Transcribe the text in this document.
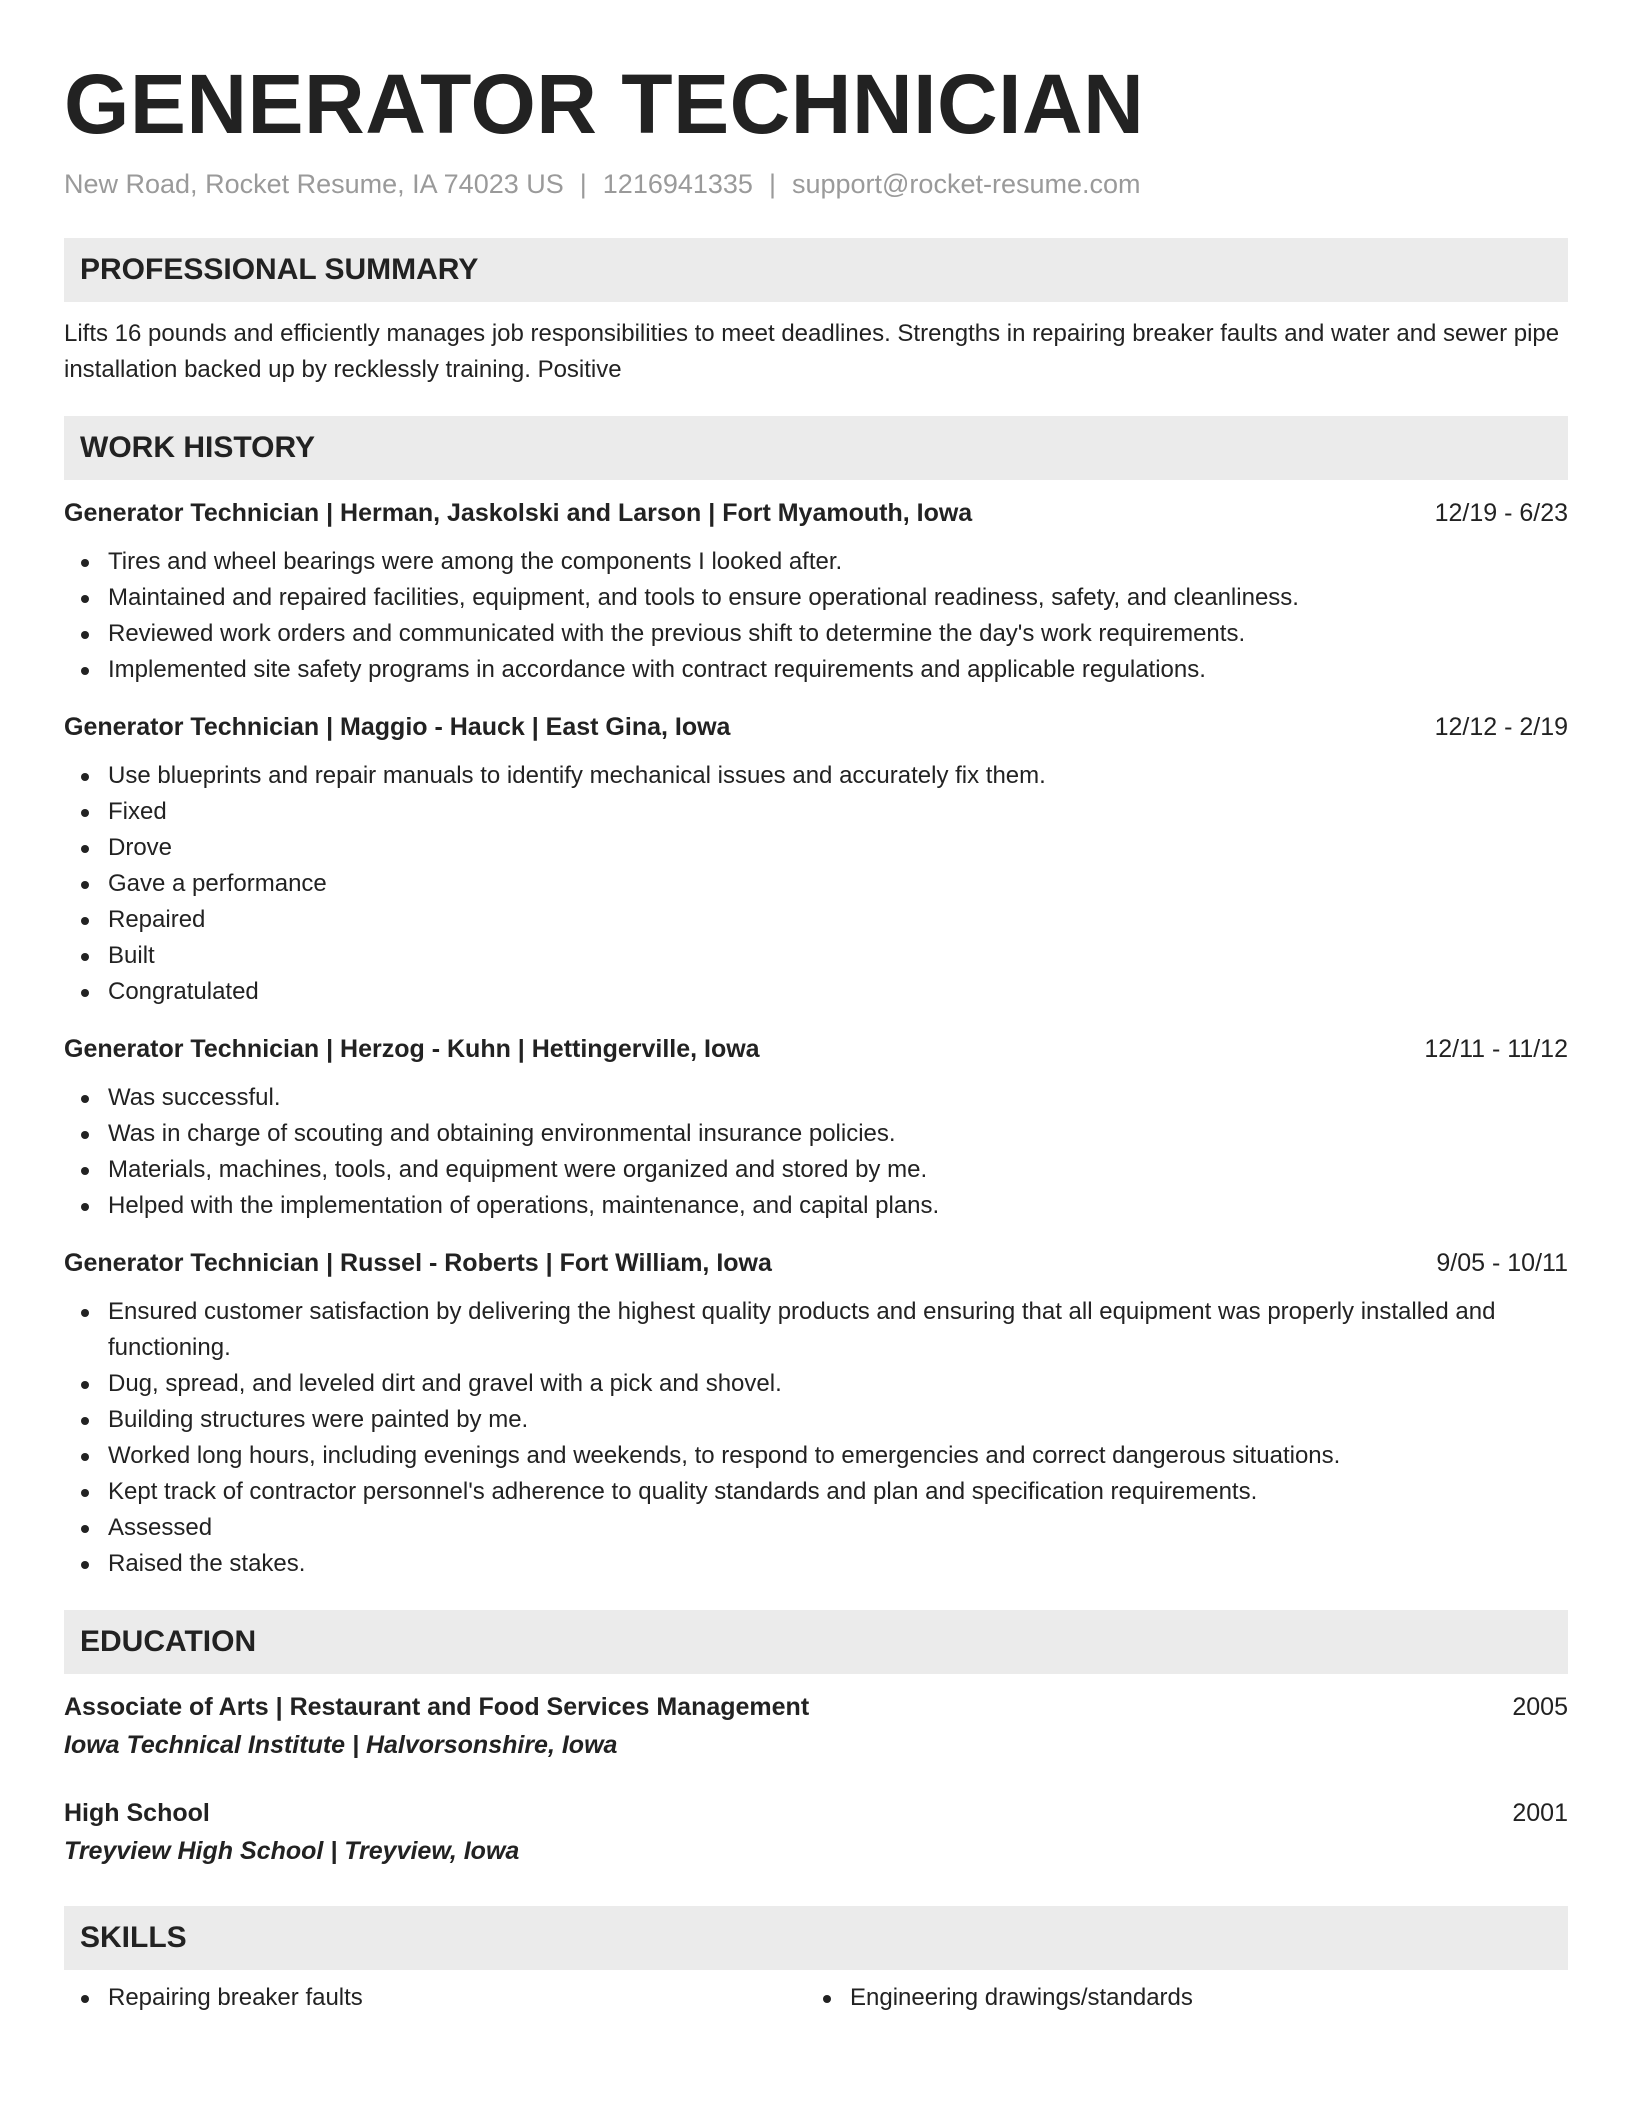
GENERATOR TECHNICIAN
New Road, Rocket Resume, IA 74023 US | 1216941335 | support@rocket-resume.com
PROFESSIONAL SUMMARY
Lifts 16 pounds and efficiently manages job responsibilities to meet deadlines. Strengths in repairing breaker faults and water and sewer pipe installation backed up by recklessly training. Positive
WORK HISTORY
Generator Technician | Herman, Jaskolski and Larson | Fort Myamouth, Iowa	12/19 - 6/23
Tires and wheel bearings were among the components I looked after.
Maintained and repaired facilities, equipment, and tools to ensure operational readiness, safety, and cleanliness.
Reviewed work orders and communicated with the previous shift to determine the day's work requirements.
Implemented site safety programs in accordance with contract requirements and applicable regulations.
Generator Technician | Maggio - Hauck | East Gina, Iowa	12/12 - 2/19
Use blueprints and repair manuals to identify mechanical issues and accurately fix them.
Fixed
Drove
Gave a performance
Repaired
Built
Congratulated
Generator Technician | Herzog - Kuhn | Hettingerville, Iowa	12/11 - 11/12
Was successful.
Was in charge of scouting and obtaining environmental insurance policies.
Materials, machines, tools, and equipment were organized and stored by me.
Helped with the implementation of operations, maintenance, and capital plans.
Generator Technician | Russel - Roberts | Fort William, Iowa	9/05 - 10/11
Ensured customer satisfaction by delivering the highest quality products and ensuring that all equipment was properly installed and functioning.
Dug, spread, and leveled dirt and gravel with a pick and shovel.
Building structures were painted by me.
Worked long hours, including evenings and weekends, to respond to emergencies and correct dangerous situations.
Kept track of contractor personnel's adherence to quality standards and plan and specification requirements.
Assessed
Raised the stakes.
EDUCATION
Associate of Arts | Restaurant and Food Services Management	2005
Iowa Technical Institute | Halvorsonshire, Iowa
High School	2001
Treyview High School | Treyview, Iowa
SKILLS
Repairing breaker faults	Engineering drawings/standards
